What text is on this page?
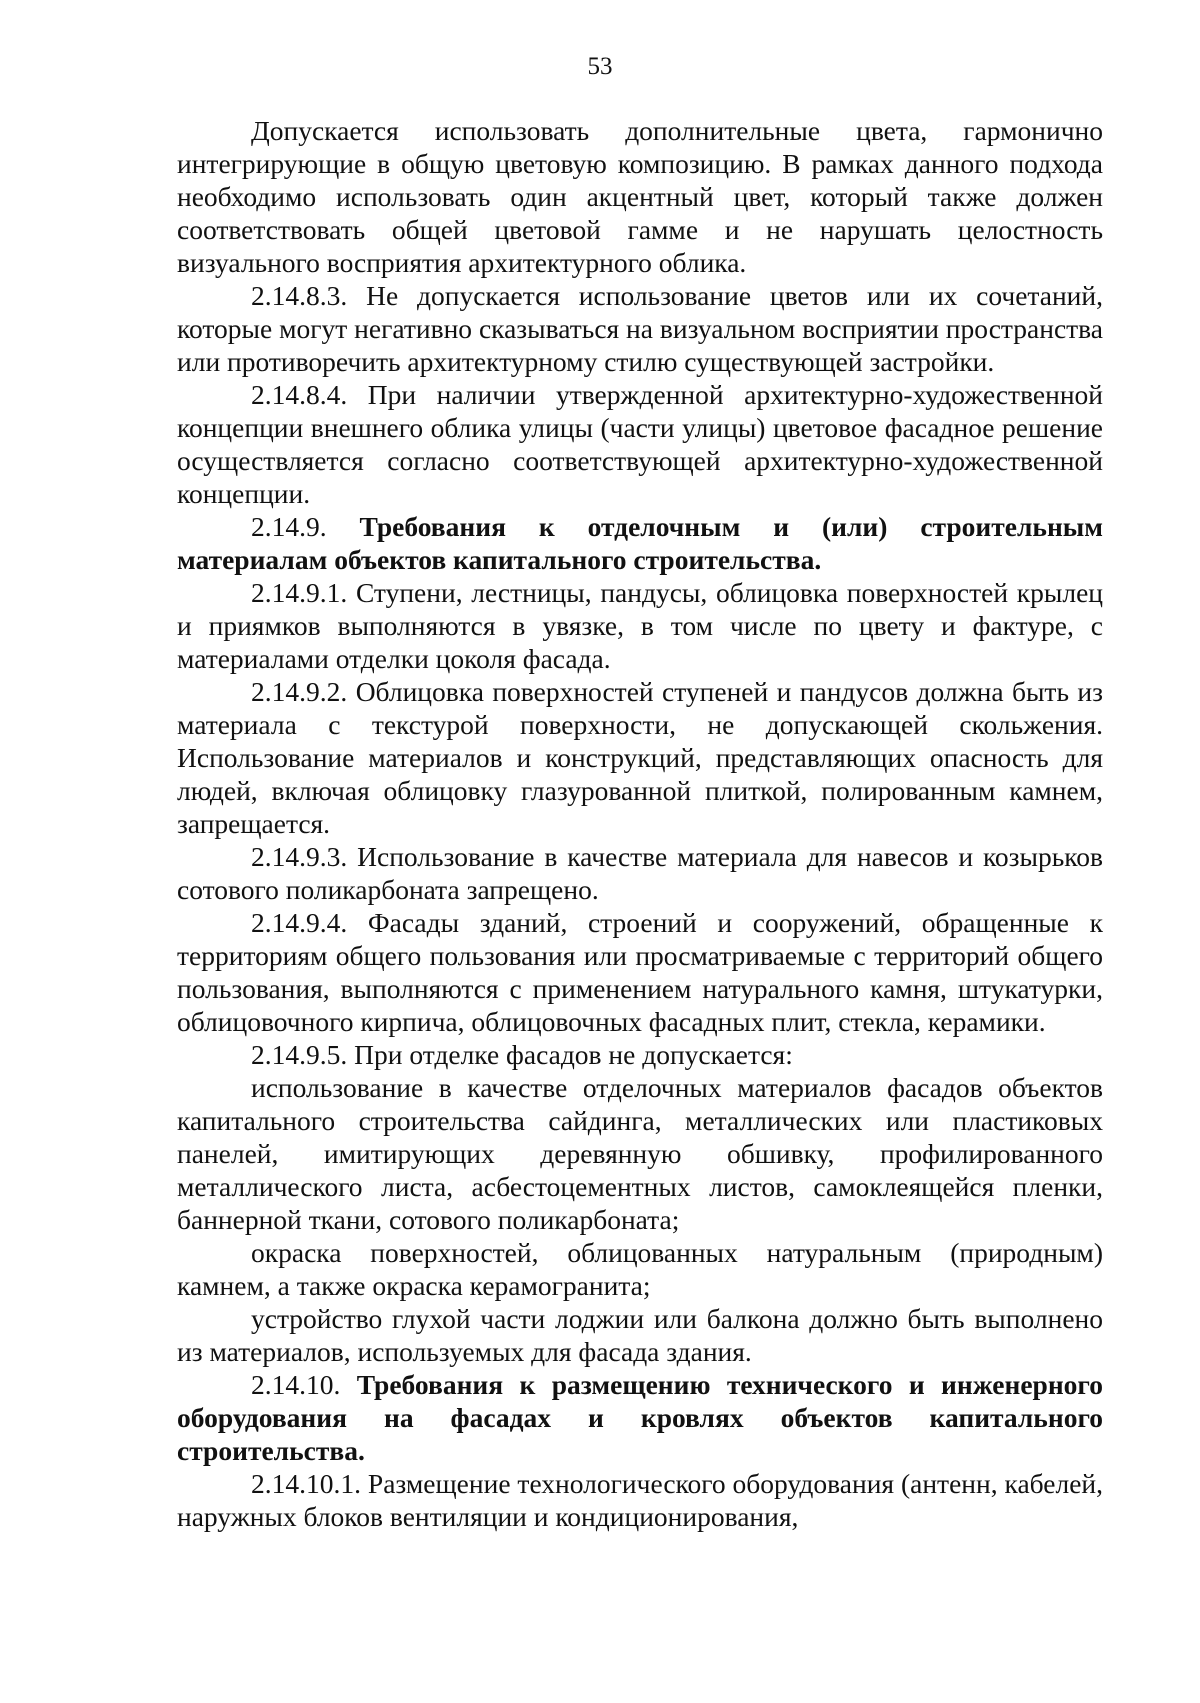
53

Допускается использовать дополнительные цвета, гармонично интегрирующие в общую цветовую композицию. В рамках данного подхода необходимо использовать один акцентный цвет, который также должен соответствовать общей цветовой гамме и не нарушать целостность визуального восприятия архитектурного облика.

2.14.8.3. Не допускается использование цветов или их сочетаний, которые могут негативно сказываться на визуальном восприятии пространства или противоречить архитектурному стилю существующей застройки.

2.14.8.4. При наличии утвержденной архитектурно-художественной концепции внешнего облика улицы (части улицы) цветовое фасадное решение осуществляется согласно соответствующей архитектурно-художественной концепции.

2.14.9. Требования к отделочным и (или) строительным материалам объектов капитального строительства.

2.14.9.1. Ступени, лестницы, пандусы, облицовка поверхностей крылец и приямков выполняются в увязке, в том числе по цвету и фактуре, с материалами отделки цоколя фасада.

2.14.9.2. Облицовка поверхностей ступеней и пандусов должна быть из материала с текстурой поверхности, не допускающей скольжения. Использование материалов и конструкций, представляющих опасность для людей, включая облицовку глазурованной плиткой, полированным камнем, запрещается.

2.14.9.3. Использование в качестве материала для навесов и козырьков сотового поликарбоната запрещено.

2.14.9.4. Фасады зданий, строений и сооружений, обращенные к территориям общего пользования или просматриваемые с территорий общего пользования, выполняются с применением натурального камня, штукатурки, облицовочного кирпича, облицовочных фасадных плит, стекла, керамики.

2.14.9.5. При отделке фасадов не допускается:

использование в качестве отделочных материалов фасадов объектов капитального строительства сайдинга, металлических или пластиковых панелей, имитирующих деревянную обшивку, профилированного металлического листа, асбестоцементных листов, самоклеящейся пленки, баннерной ткани, сотового поликарбоната;

окраска поверхностей, облицованных натуральным (природным) камнем, а также окраска керамогранита;

устройство глухой части лоджии или балкона должно быть выполнено из материалов, используемых для фасада здания.

2.14.10. Требования к размещению технического и инженерного оборудования на фасадах и кровлях объектов капитального строительства.

2.14.10.1. Размещение технологического оборудования (антенн, кабелей, наружных блоков вентиляции и кондиционирования,
